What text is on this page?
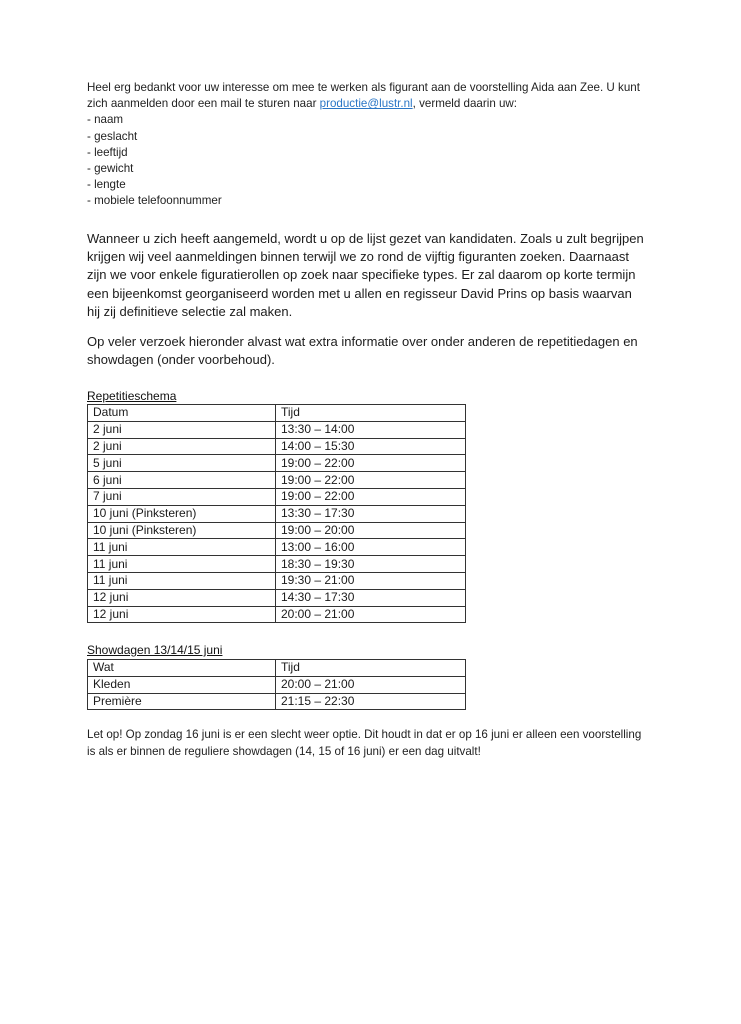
Heel erg bedankt voor uw interesse om mee te werken als figurant aan de voorstelling Aida aan Zee. U kunt zich aanmelden door een mail te sturen naar productie@lustr.nl, vermeld daarin uw:

- naam
- geslacht
- leeftijd
- gewicht
- lengte
- mobiele telefoonnummer

Wanneer u zich heeft aangemeld, wordt u op de lijst gezet van kandidaten. Zoals u zult begrijpen krijgen wij veel aanmeldingen binnen terwijl we zo rond de vijftig figuranten zoeken. Daarnaast zijn we voor enkele figuratierollen op zoek naar specifieke types. Er zal daarom op korte termijn een bijeenkomst georganiseerd worden met u allen en regisseur David Prins op basis waarvan hij zij definitieve selectie zal maken.

Op veler verzoek hieronder alvast wat extra informatie over onder anderen de repetitiedagen en showdagen (onder voorbehoud).

Repetitieschema

Datum	Tijd
2 juni	13:30 – 14:00
2 juni	14:00 – 15:30
5 juni	19:00 – 22:00
6 juni	19:00 – 22:00
7 juni	19:00 – 22:00
10 juni (Pinksteren)	13:30 – 17:30
10 juni (Pinksteren)	19:00 – 20:00
11 juni	13:00 – 16:00
11 juni	18:30 – 19:30
11 juni	19:30 – 21:00
12 juni	14:30 – 17:30
12 juni	20:00 – 21:00

Showdagen 13/14/15 juni

Wat	Tijd
Kleden	20:00 – 21:00
Première	21:15 – 22:30

Let op! Op zondag 16 juni is er een slecht weer optie. Dit houdt in dat er op 16 juni er alleen een voorstelling is als er binnen de reguliere showdagen (14, 15 of 16 juni) er een dag uitvalt!
